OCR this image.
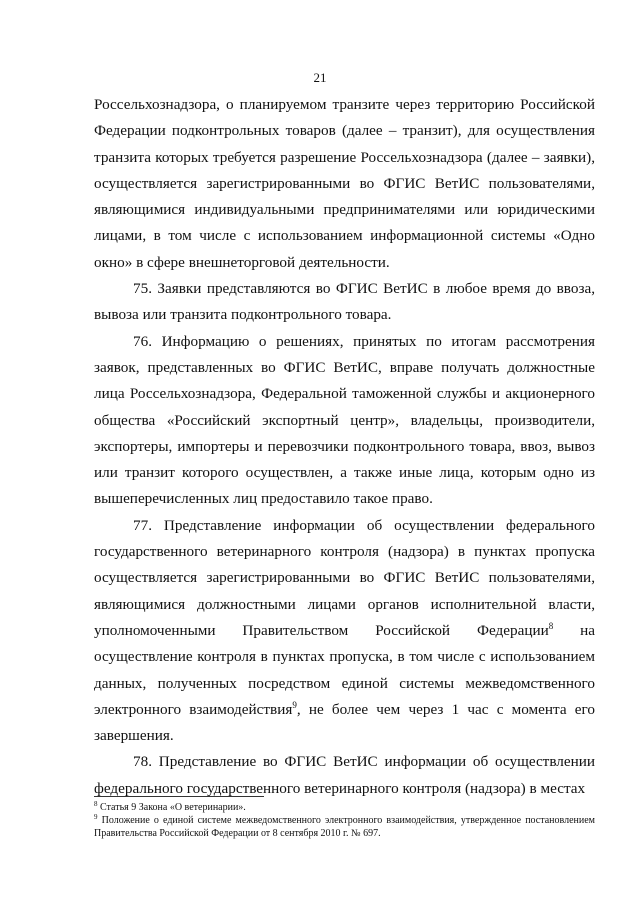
21

Россельхознадзора, о планируемом транзите через территорию Российской Федерации подконтрольных товаров (далее – транзит), для осуществления транзита которых требуется разрешение Россельхознадзора (далее – заявки), осуществляется зарегистрированными во ФГИС ВетИС пользователями, являющимися индивидуальными предпринимателями или юридическими лицами, в том числе с использованием информационной системы «Одно окно» в сфере внешнеторговой деятельности.

75. Заявки представляются во ФГИС ВетИС в любое время до ввоза, вывоза или транзита подконтрольного товара.

76. Информацию о решениях, принятых по итогам рассмотрения заявок, представленных во ФГИС ВетИС, вправе получать должностные лица Россельхознадзора, Федеральной таможенной службы и акционерного общества «Российский экспортный центр», владельцы, производители, экспортеры, импортеры и перевозчики подконтрольного товара, ввоз, вывоз или транзит которого осуществлен, а также иные лица, которым одно из вышеперечисленных лиц предоставило такое право.

77. Представление информации об осуществлении федерального государственного ветеринарного контроля (надзора) в пунктах пропуска осуществляется зарегистрированными во ФГИС ВетИС пользователями, являющимися должностными лицами органов исполнительной власти, уполномоченными Правительством Российской Федерации$^8$ на осуществление контроля в пунктах пропуска, в том числе с использованием данных, полученных посредством единой системы межведомственного электронного взаимодействия$^9$, не более чем через 1 час с момента его завершения.

78. Представление во ФГИС ВетИС информации об осуществлении федерального государственного ветеринарного контроля (надзора) в местах

$^8$ Статья 9 Закона «О ветеринарии».

$^9$ Положение о единой системе межведомственного электронного взаимодействия, утвержденное постановлением Правительства Российской Федерации от 8 сентября 2010 г. № 697.
